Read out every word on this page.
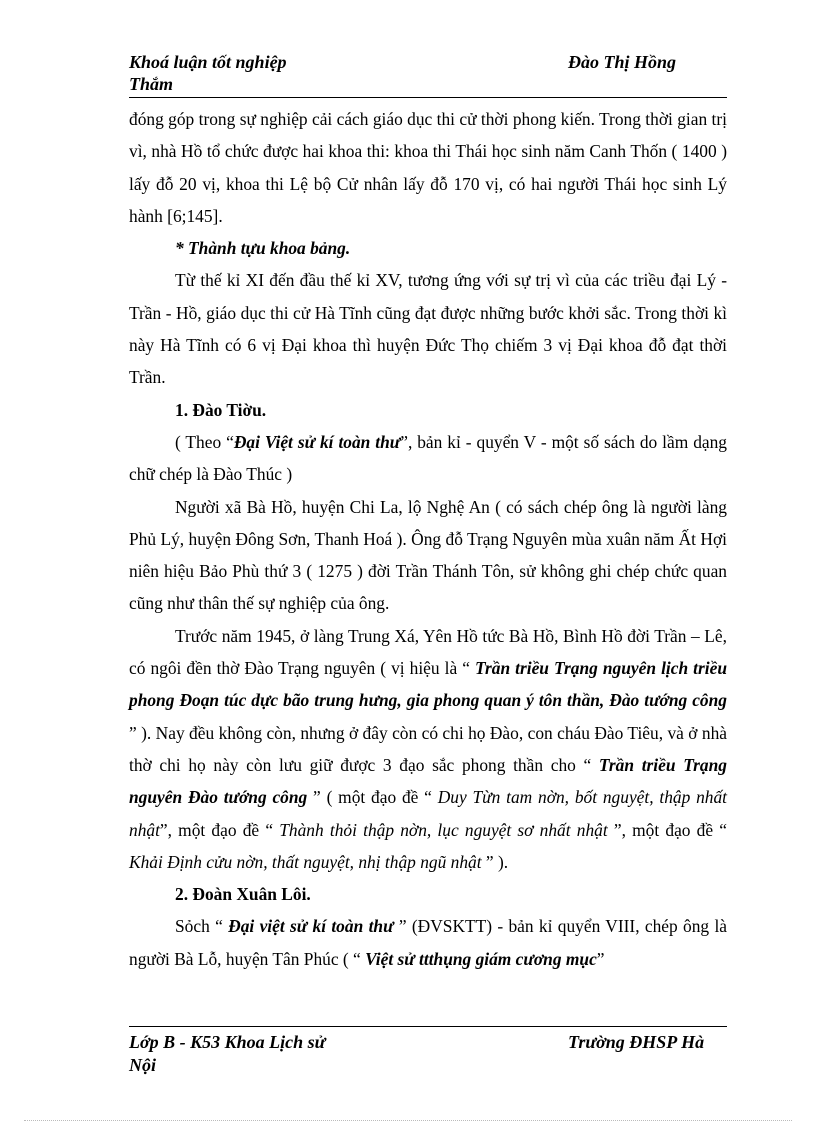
Khoá luận tốt nghiệp	Đào Thị Hồng
Thắm

đóng góp trong sự nghiệp cải cách giáo dục thi cử thời phong kiến. Trong thời gian trị vì, nhà Hồ tổ chức được hai khoa thi: khoa thi Thái học sinh năm Canh Thốn ( 1400 ) lấy đỗ 20 vị, khoa thi Lệ bộ Cử nhân lấy đỗ 170 vị, có hai người Thái học sinh Lý hành [6;145].

* Thành tựu khoa bảng.

Từ thế kỉ XI đến đầu thế kỉ XV, tương ứng với sự trị vì của các triều đại Lý - Trần - Hồ, giáo dục thi cử Hà Tĩnh cũng đạt được những bước khởi sắc. Trong thời kì này Hà Tĩnh có 6 vị Đại khoa thì huyện Đức Thọ chiếm 3 vị Đại khoa đỗ đạt thời Trần.

1. Đào Tiờu.

( Theo “Đại Việt sử kí toàn thư”, bản kỉ - quyển V - một số sách do lầm dạng chữ chép là Đào Thúc )

Người xã Bà Hồ, huyện Chi La, lộ Nghệ An ( có sách chép ông là người làng Phủ Lý, huyện Đông Sơn, Thanh Hoá ). Ông đỗ Trạng Nguyên mùa xuân năm Ất Hợi niên hiệu Bảo Phù thứ 3 ( 1275 ) đời Trần Thánh Tôn, sử không ghi chép chức quan cũng như thân thế sự nghiệp của ông.

Trước năm 1945, ở làng Trung Xá, Yên Hồ tức Bà Hồ, Bình Hồ đời Trần – Lê, có ngôi đền thờ Đào Trạng nguyên ( vị hiệu là “ Trần triều Trạng nguyên lịch triều phong Đoạn túc dực bão trung hưng, gia phong quan ý tôn thần, Đào tướng công ” ). Nay đều không còn, nhưng ở đây còn có chi họ Đào, con cháu Đào Tiêu, và ở nhà thờ chi họ này còn lưu giữ được 3 đạo sắc phong thần cho “ Trần triều Trạng nguyên Đào tướng công ” ( một đạo đề “ Duy Từn tam nờn, bốt nguyệt, thập nhất nhật”, một đạo đề “ Thành thỏi thập nờn, lục nguyệt sơ nhất nhật ”, một đạo đề “ Khải Định cửu nờn, thất nguyệt, nhị thập ngũ nhật ” ).

2. Đoàn Xuân Lôi.

Sỏch “ Đại việt sử kí toàn thư ” (ĐVSKTT) - bản kỉ quyển VIII, chép ông là người Bà Lỗ, huyện Tân Phúc ( “ Việt sử ttthụng giám cương mục”

Lớp B - K53 Khoa Lịch sử	Trường ĐHSP Hà
Nội
